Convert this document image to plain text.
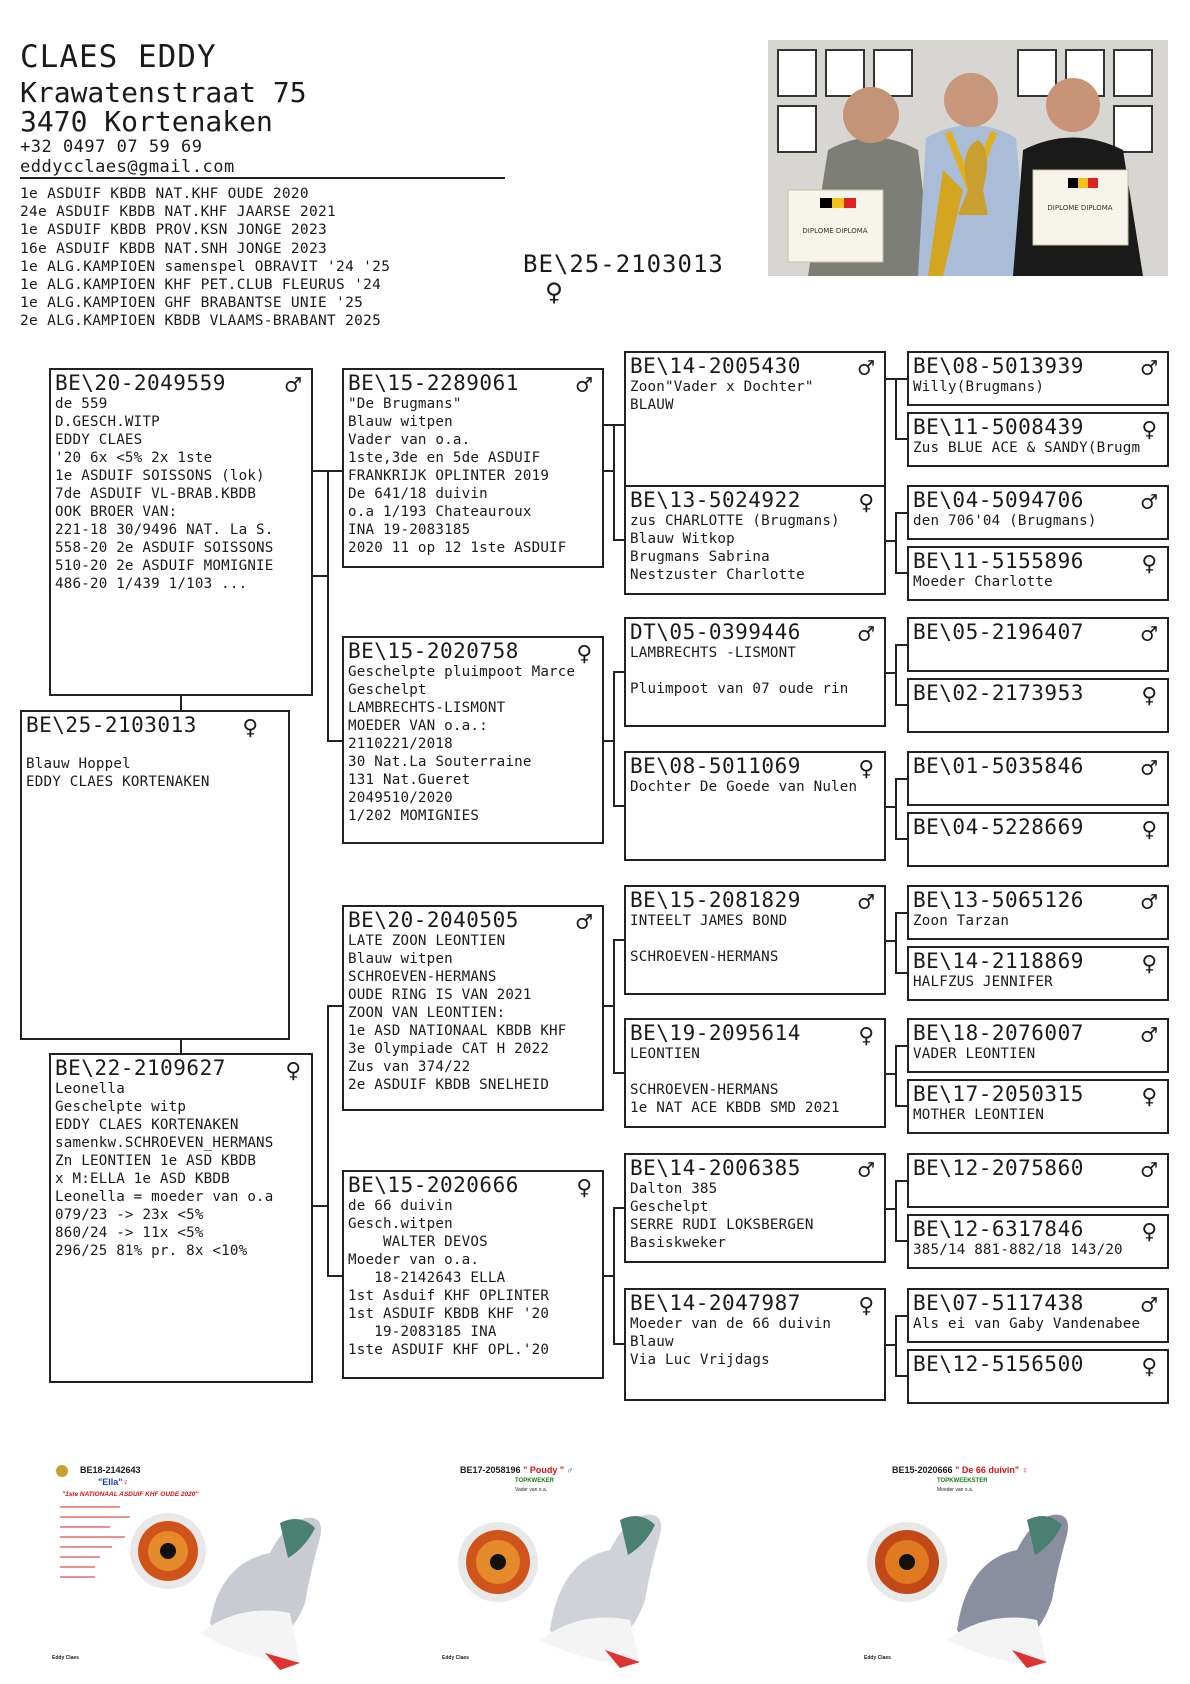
CLAES EDDY
Krawatenstraat 75
3470 Kortenaken
+32 0497 07 59 69
eddycclaes@gmail.com
1e ASDUIF KBDB NAT.KHF OUDE 2020
24e ASDUIF KBDB NAT.KHF JAARSE 2021
1e ASDUIF KBDB PROV.KSN JONGE 2023
16e ASDUIF KBDB NAT.SNH JONGE 2023
1e ALG.KAMPIOEN samenspel OBRAVIT '24 '25
1e ALG.KAMPIOEN KHF PET.CLUB FLEURUS '24
1e ALG.KAMPIOEN GHF BRABANTSE UNIE '25
2e ALG.KAMPIOEN KBDB VLAAMS-BRABANT 2025
BE\25-2103013
♀
DIPLOME DIPLOMA
DIPLOME DIPLOMA
BE\25-2103013	♀

Blauw Hoppel
EDDY CLAES KORTENAKEN
BE\20-2049559	♂
de 559
D.GESCH.WITP
EDDY CLAES
'20 6x <5% 2x 1ste
1e ASDUIF SOISSONS (lok)
7de ASDUIF VL-BRAB.KBDB
OOK BROER VAN:
221-18 30/9496 NAT. La S.
558-20 2e ASDUIF SOISSONS
510-20 2e ASDUIF MOMIGNIE
486-20 1/439 1/103 ...
BE\22-2109627	♀
Leonella
Geschelpte witp
EDDY CLAES KORTENAKEN
samenkw.SCHROEVEN_HERMANS
Zn LEONTIEN 1e ASD KBDB
x M:ELLA 1e ASD KBDB
Leonella = moeder van o.a
079/23 -> 23x <5%
860/24 -> 11x <5%
296/25 81% pr. 8x <10%
BE\15-2289061	♂
"De Brugmans"
Blauw witpen
Vader van o.a.
1ste,3de en 5de ASDUIF
FRANKRIJK OPLINTER 2019
De 641/18 duivin
o.a 1/193 Chateauroux
INA 19-2083185
2020 11 op 12 1ste ASDUIF
BE\15-2020758	♀
Geschelpte pluimpoot Marce
Geschelpt
LAMBRECHTS-LISMONT
MOEDER VAN o.a.:
2110221/2018
30 Nat.La Souterraine
131 Nat.Gueret
2049510/2020
1/202 MOMIGNIES
BE\20-2040505	♂
LATE ZOON LEONTIEN
Blauw witpen
SCHROEVEN-HERMANS
OUDE RING IS VAN 2021
ZOON VAN LEONTIEN:
1e ASD NATIONAAL KBDB KHF
3e Olympiade CAT H 2022
Zus van 374/22
2e ASDUIF KBDB SNELHEID
BE\15-2020666	♀
de 66 duivin
Gesch.witpen
WALTER DEVOS
Moeder van o.a.
18-2142643 ELLA
1st Asduif KHF OPLINTER
1st ASDUIF KBDB KHF '20
19-2083185 INA
1ste ASDUIF KHF OPL.'20
BE\14-2005430	♂
Zoon"Vader x Dochter"
BLAUW
BE\13-5024922	♀
zus CHARLOTTE (Brugmans)
Blauw Witkop
Brugmans Sabrina
Nestzuster Charlotte
DT\05-0399446	♂
LAMBRECHTS -LISMONT

Pluimpoot van 07 oude rin
BE\08-5011069	♀
Dochter De Goede van Nulen
BE\15-2081829	♂
INTEELT JAMES BOND

SCHROEVEN-HERMANS
BE\19-2095614	♀
LEONTIEN

SCHROEVEN-HERMANS
1e NAT ACE KBDB SMD 2021
BE\14-2006385	♂
Dalton 385
Geschelpt
SERRE RUDI LOKSBERGEN
Basiskweker
BE\14-2047987	♀
Moeder van de 66 duivin
Blauw
Via Luc Vrijdags
BE\08-5013939	♂
Willy(Brugmans)
BE\11-5008439	♀
Zus BLUE ACE & SANDY(Brugm
BE\04-5094706	♂
den 706'04 (Brugmans)
BE\11-5155896	♀
Moeder Charlotte
BE\05-2196407	♂
BE\02-2173953	♀
BE\01-5035846	♂
BE\04-5228669	♀
BE\13-5065126	♂
Zoon Tarzan
BE\14-2118869	♀
HALFZUS JENNIFER
BE\18-2076007	♂
VADER LEONTIEN
BE\17-2050315	♀
MOTHER LEONTIEN
BE\12-2075860	♂
BE\12-6317846	♀
385/14 881-882/18 143/20
BE\07-5117438	♂
Als ei van Gaby Vandenabee
BE\12-5156500	♀
BE18-2142643
"Ella"♀
"1ste NATIONAAL ASDUIF KHF OUDE 2020"
Eddy Claes
BE17-2058196 " Poudy " ♂
TOPKWEKER
Vader van o.a.
Eddy Claes
BE15-2020666 " De 66 duivin" ♀
TOPKWEEKSTER
Moeder van o.a.
Eddy Claes
